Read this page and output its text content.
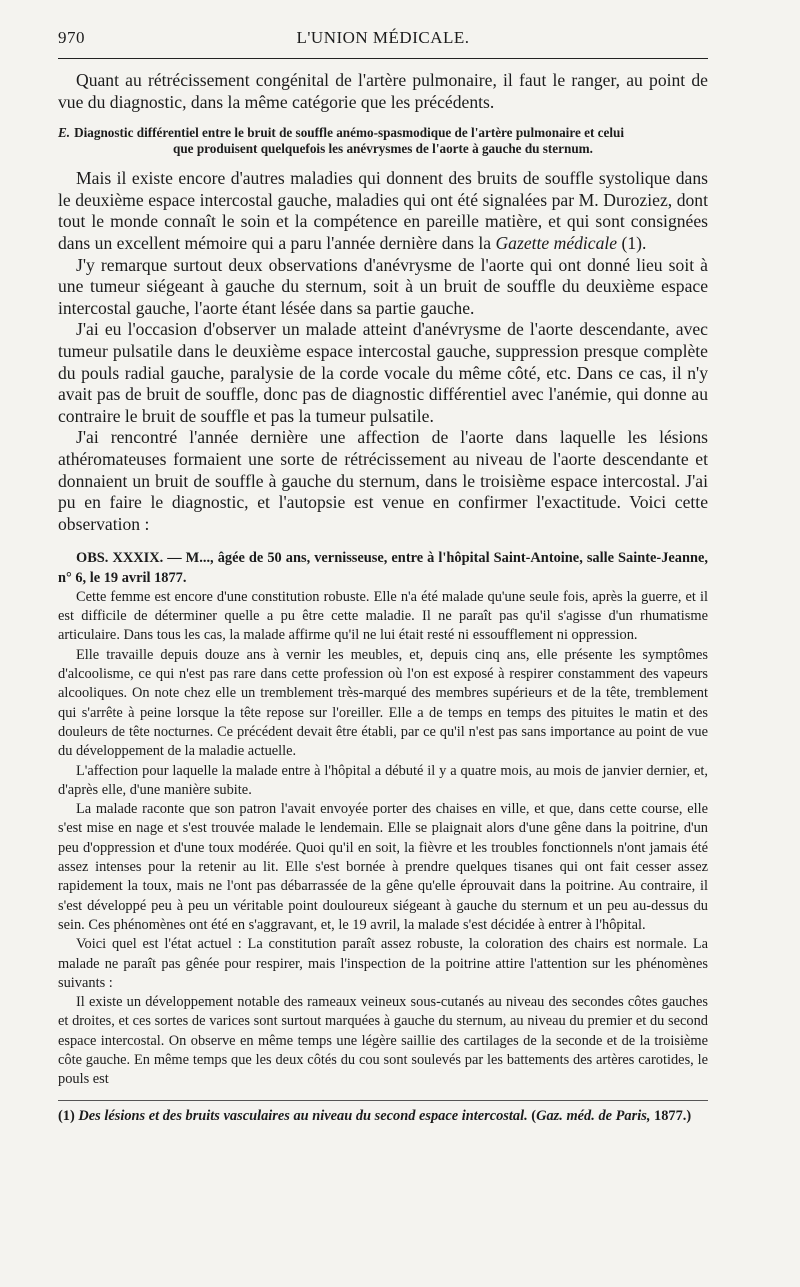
970	L'UNION MÉDICALE.

Quant au rétrécissement congénital de l'artère pulmonaire, il faut le ranger, au point de vue du diagnostic, dans la même catégorie que les précédents.

E. Diagnostic différentiel entre le bruit de souffle anémo-spasmodique de l'artère pulmonaire et celui
que produisent quelquefois les anévrysmes de l'aorte à gauche du sternum.

Mais il existe encore d'autres maladies qui donnent des bruits de souffle systolique dans le deuxième espace intercostal gauche, maladies qui ont été signalées par M. Duroziez, dont tout le monde connaît le soin et la compétence en pareille matière, et qui sont consignées dans un excellent mémoire qui a paru l'année dernière dans la Gazette médicale (1).

J'y remarque surtout deux observations d'anévrysme de l'aorte qui ont donné lieu soit à une tumeur siégeant à gauche du sternum, soit à un bruit de souffle du deuxième espace intercostal gauche, l'aorte étant lésée dans sa partie gauche.

J'ai eu l'occasion d'observer un malade atteint d'anévrysme de l'aorte descendante, avec tumeur pulsatile dans le deuxième espace intercostal gauche, suppression presque complète du pouls radial gauche, paralysie de la corde vocale du même côté, etc. Dans ce cas, il n'y avait pas de bruit de souffle, donc pas de diagnostic différentiel avec l'anémie, qui donne au contraire le bruit de souffle et pas la tumeur pulsatile.

J'ai rencontré l'année dernière une affection de l'aorte dans laquelle les lésions athéromateuses formaient une sorte de rétrécissement au niveau de l'aorte descendante et donnaient un bruit de souffle à gauche du sternum, dans le troisième espace intercostal. J'ai pu en faire le diagnostic, et l'autopsie est venue en confirmer l'exactitude. Voici cette observation :

OBS. XXXIX. — M..., âgée de 50 ans, vernisseuse, entre à l'hôpital Saint-Antoine, salle Sainte-Jeanne, n° 6, le 19 avril 1877.

Cette femme est encore d'une constitution robuste. Elle n'a été malade qu'une seule fois, après la guerre, et il est difficile de déterminer quelle a pu être cette maladie. Il ne paraît pas qu'il s'agisse d'un rhumatisme articulaire. Dans tous les cas, la malade affirme qu'il ne lui était resté ni essoufflement ni oppression.

Elle travaille depuis douze ans à vernir les meubles, et, depuis cinq ans, elle présente les symptômes d'alcoolisme, ce qui n'est pas rare dans cette profession où l'on est exposé à respirer constamment des vapeurs alcooliques. On note chez elle un tremblement très-marqué des membres supérieurs et de la tête, tremblement qui s'arrête à peine lorsque la tête repose sur l'oreiller. Elle a de temps en temps des pituites le matin et des douleurs de tête nocturnes. Ce précédent devait être établi, par ce qu'il n'est pas sans importance au point de vue du développement de la maladie actuelle.

L'affection pour laquelle la malade entre à l'hôpital a débuté il y a quatre mois, au mois de janvier dernier, et, d'après elle, d'une manière subite.

La malade raconte que son patron l'avait envoyée porter des chaises en ville, et que, dans cette course, elle s'est mise en nage et s'est trouvée malade le lendemain. Elle se plaignait alors d'une gêne dans la poitrine, d'un peu d'oppression et d'une toux modérée. Quoi qu'il en soit, la fièvre et les troubles fonctionnels n'ont jamais été assez intenses pour la retenir au lit. Elle s'est bornée à prendre quelques tisanes qui ont fait cesser assez rapidement la toux, mais ne l'ont pas débarrassée de la gêne qu'elle éprouvait dans la poitrine. Au contraire, il s'est développé peu à peu un véritable point douloureux siégeant à gauche du sternum et un peu au-dessus du sein. Ces phénomènes ont été en s'aggravant, et, le 19 avril, la malade s'est décidée à entrer à l'hôpital.

Voici quel est l'état actuel : La constitution paraît assez robuste, la coloration des chairs est normale. La malade ne paraît pas gênée pour respirer, mais l'inspection de la poitrine attire l'attention sur les phénomènes suivants :

Il existe un développement notable des rameaux veineux sous-cutanés au niveau des secondes côtes gauches et droites, et ces sortes de varices sont surtout marquées à gauche du sternum, au niveau du premier et du second espace intercostal. On observe en même temps une légère saillie des cartilages de la seconde et de la troisième côte gauche. En même temps que les deux côtés du cou sont soulevés par les battements des artères carotides, le pouls est

(1) Des lésions et des bruits vasculaires au niveau du second espace intercostal. (Gaz. méd. de Paris, 1877.)
